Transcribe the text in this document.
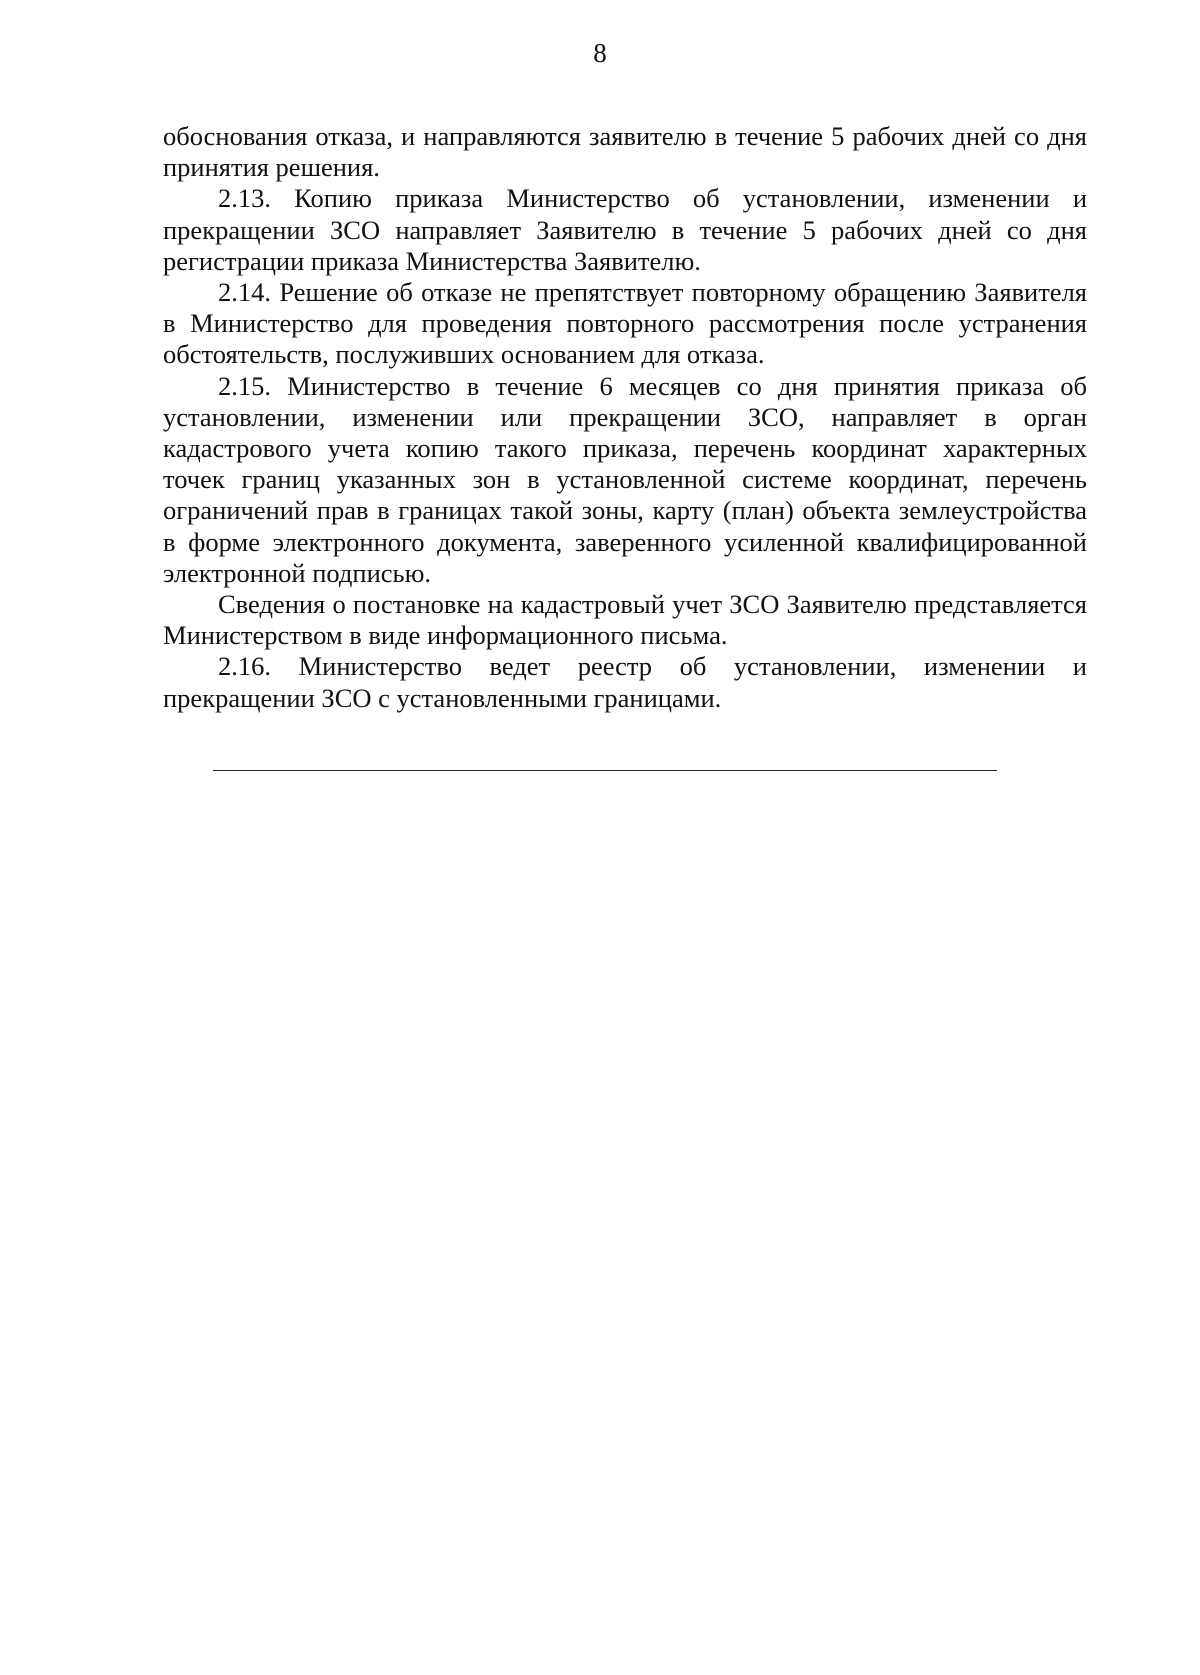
8

обоснования отказа, и направляются заявителю в течение 5 рабочих дней со дня принятия решения.

2.13. Копию приказа Министерство об установлении, изменении и прекращении ЗСО направляет Заявителю в течение 5 рабочих дней со дня регистрации приказа Министерства Заявителю.

2.14. Решение об отказе не препятствует повторному обращению Заявителя в Министерство для проведения повторного рассмотрения после устранения обстоятельств, послуживших основанием для отказа.

2.15. Министерство в течение 6 месяцев со дня принятия приказа об установлении, изменении или прекращении ЗСО, направляет в орган кадастрового учета копию такого приказа, перечень координат характерных точек границ указанных зон в установленной системе координат, перечень ограничений прав в границах такой зоны, карту (план) объекта землеустройства в форме электронного документа, заверенного усиленной квалифицированной электронной подписью.

Сведения о постановке на кадастровый учет ЗСО Заявителю представляется Министерством в виде информационного письма.

2.16. Министерство ведет реестр об установлении, изменении и прекращении ЗСО с установленными границами.
